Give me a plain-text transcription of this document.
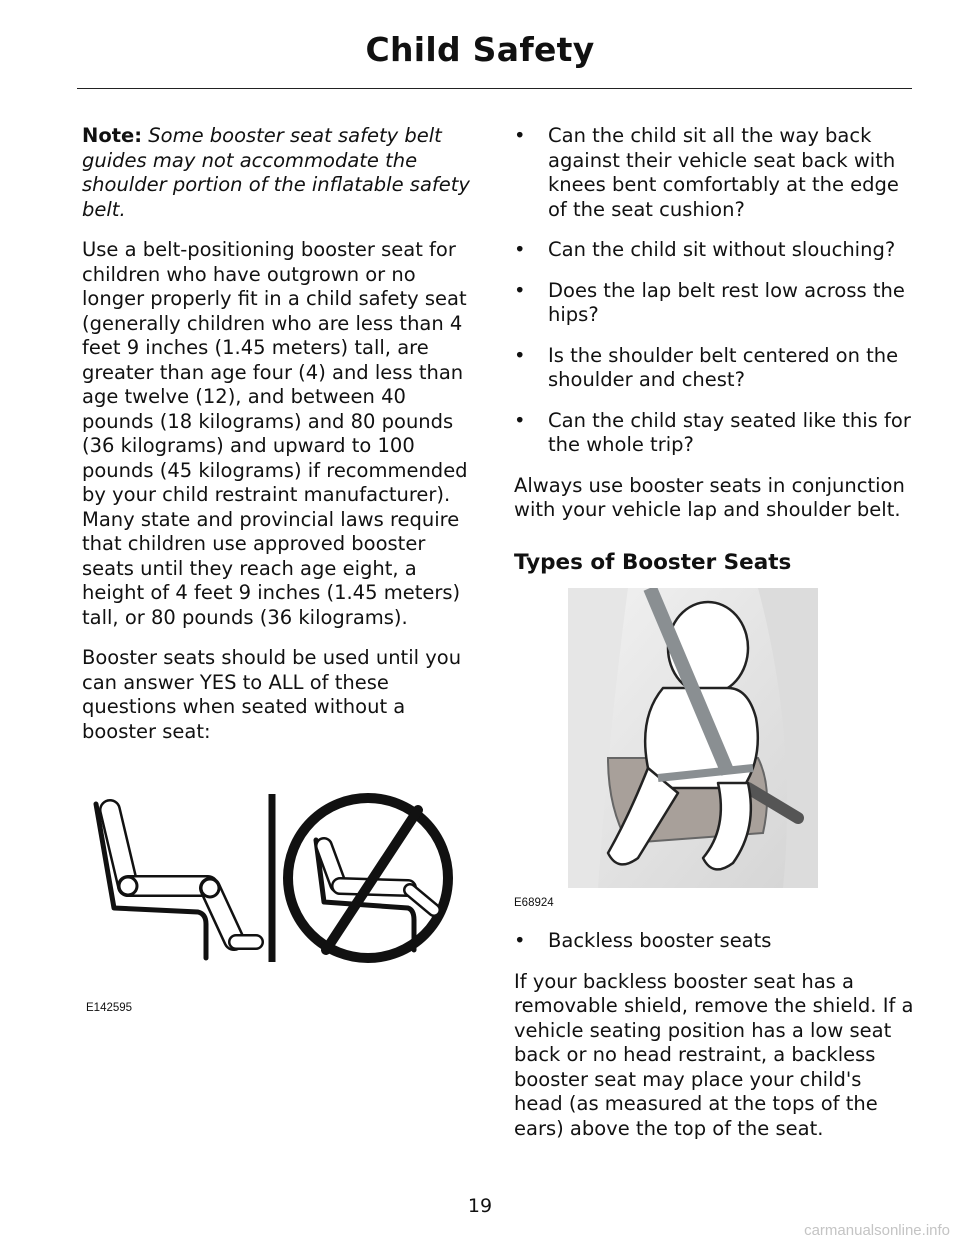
Child Safety

Note: Some booster seat safety belt guides may not accommodate the shoulder portion of the inflatable safety belt.

Use a belt-positioning booster seat for children who have outgrown or no longer properly fit in a child safety seat (generally children who are less than 4 feet 9 inches (1.45 meters) tall, are greater than age four (4) and less than age twelve (12), and between 40 pounds (18 kilograms) and 80 pounds (36 kilograms) and upward to 100 pounds (45 kilograms) if recommended by your child restraint manufacturer). Many state and provincial laws require that children use approved booster seats until they reach age eight, a height of 4 feet 9 inches (1.45 meters) tall, or 80 pounds (36 kilograms).

Booster seats should be used until you can answer YES to ALL of these questions when seated without a booster seat:

E142595
•	Can the child sit all the way back against their vehicle seat back with knees bent comfortably at the edge of the seat cushion?
•	Can the child sit without slouching?
•	Does the lap belt rest low across the hips?
•	Is the shoulder belt centered on the shoulder and chest?
•	Can the child stay seated like this for the whole trip?

Always use booster seats in conjunction with your vehicle lap and shoulder belt.

Types of Booster Seats
E68924
•	Backless booster seats

If your backless booster seat has a removable shield, remove the shield. If a vehicle seating position has a low seat back or no head restraint, a backless booster seat may place your child's head (as measured at the tops of the ears) above the top of the seat.

19
carmanualsonline.info
